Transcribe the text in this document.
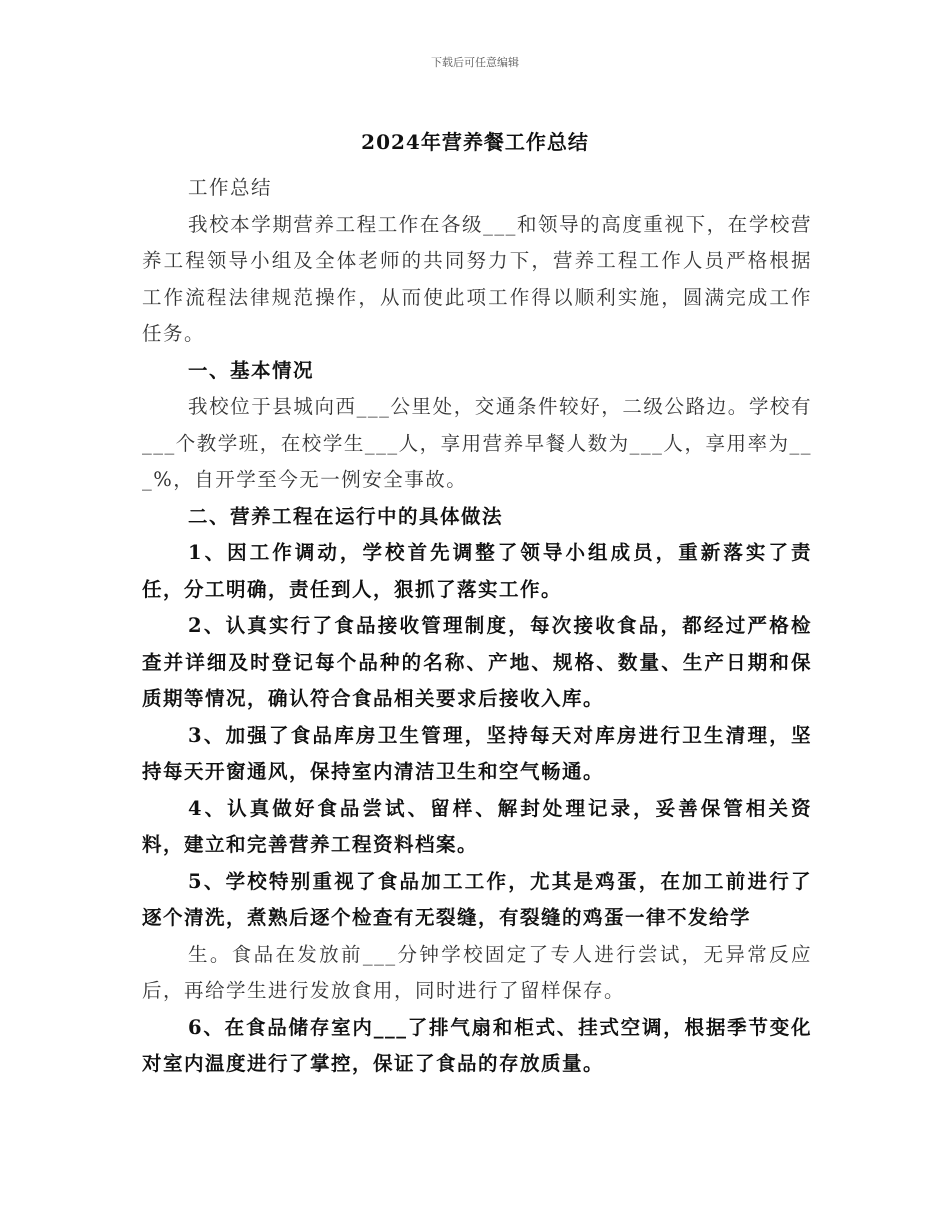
下载后可任意编辑
2024年营养餐工作总结

工作总结

我校本学期营养工程工作在各级___和领导的高度重视下，在学校营养工程领导小组及全体老师的共同努力下，营养工程工作人员严格根据工作流程法律规范操作，从而使此项工作得以顺利实施，圆满完成工作任务。

一、基本情况

我校位于县城向西___公里处，交通条件较好，二级公路边。学校有___个教学班，在校学生___人，享用营养早餐人数为___人，享用率为___%，自开学至今无一例安全事故。

二、营养工程在运行中的具体做法

1、因工作调动，学校首先调整了领导小组成员，重新落实了责任，分工明确，责任到人，狠抓了落实工作。

2、认真实行了食品接收管理制度，每次接收食品，都经过严格检查并详细及时登记每个品种的名称、产地、规格、数量、生产日期和保质期等情况，确认符合食品相关要求后接收入库。

3、加强了食品库房卫生管理，坚持每天对库房进行卫生清理，坚持每天开窗通风，保持室内清洁卫生和空气畅通。

4、认真做好食品尝试、留样、解封处理记录，妥善保管相关资料，建立和完善营养工程资料档案。

5、学校特别重视了食品加工工作，尤其是鸡蛋，在加工前进行了逐个清洗，煮熟后逐个检查有无裂缝，有裂缝的鸡蛋一律不发给学

生。食品在发放前___分钟学校固定了专人进行尝试，无异常反应后，再给学生进行发放食用，同时进行了留样保存。

6、在食品储存室内___了排气扇和柜式、挂式空调，根据季节变化对室内温度进行了掌控，保证了食品的存放质量。
